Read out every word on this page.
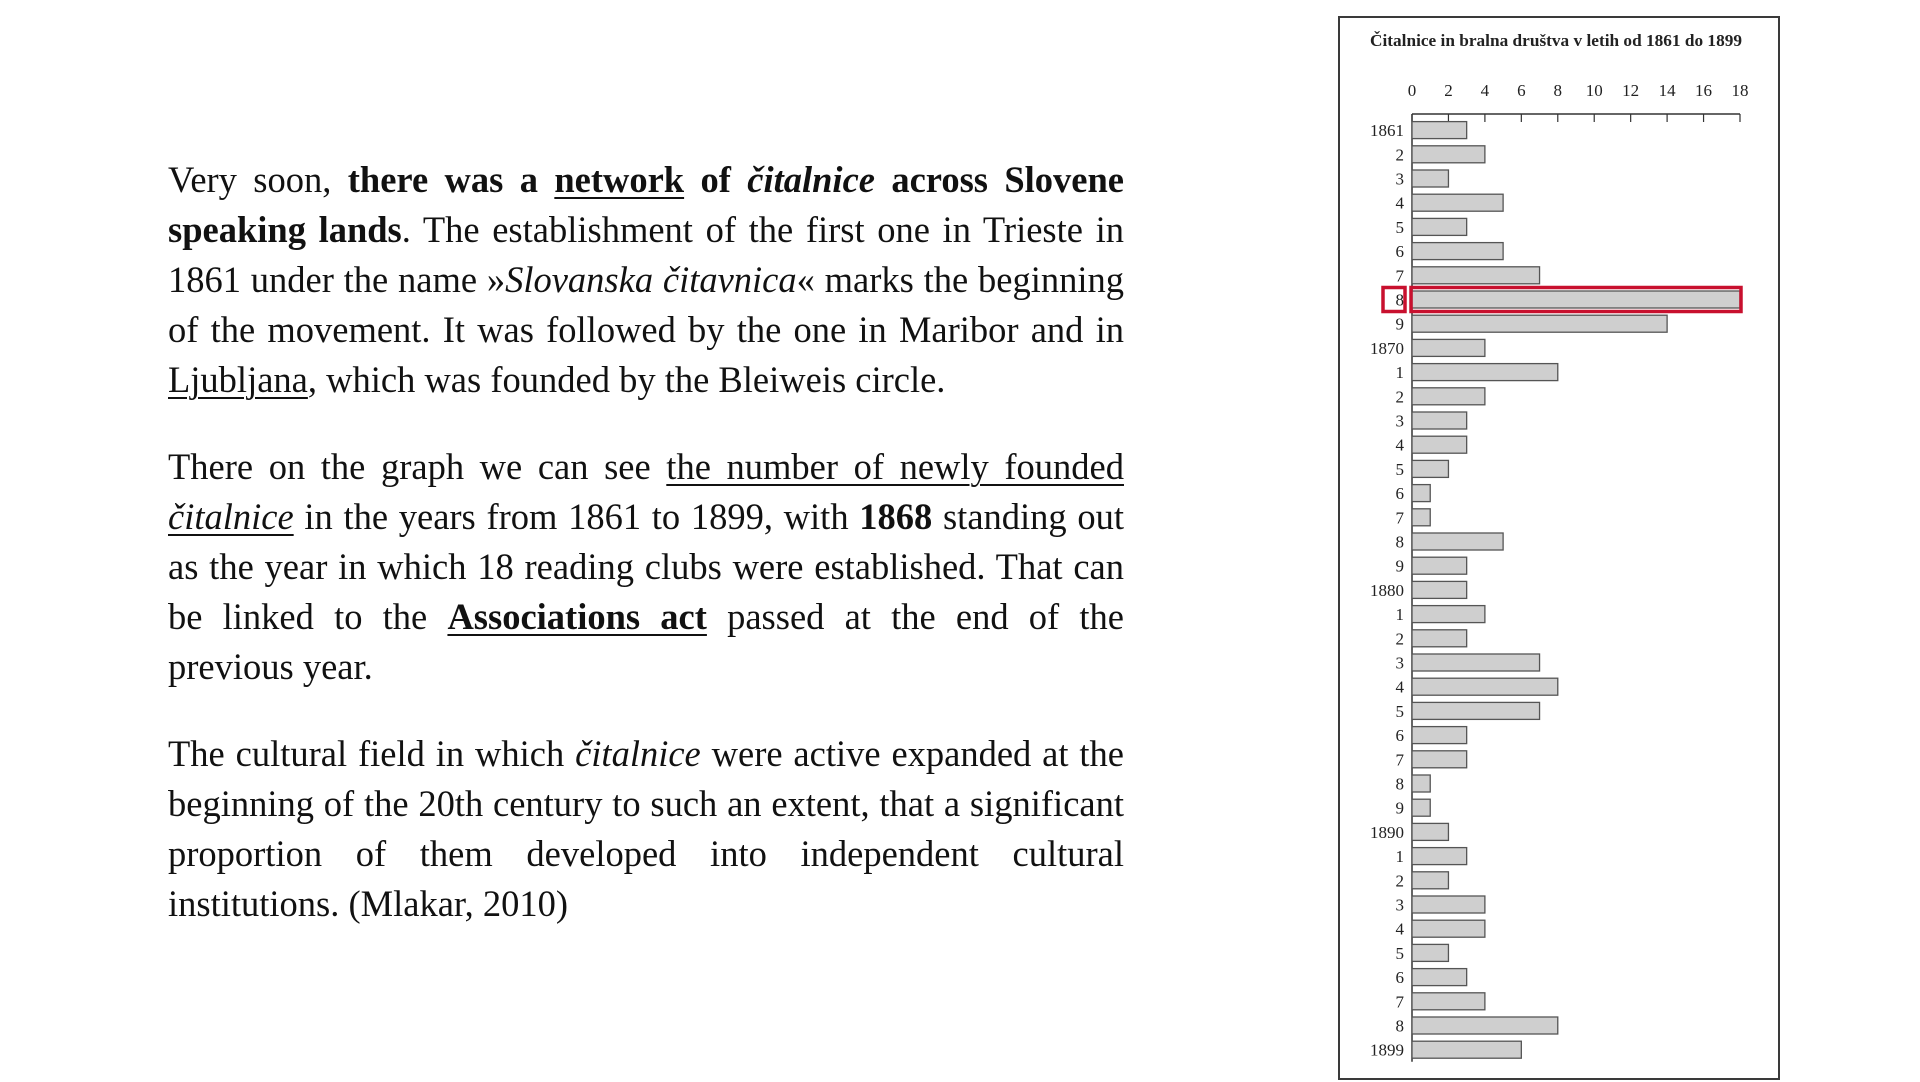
Very soon, there was a network of čitalnice across Slovene speaking lands. The establishment of the first one in Trieste in 1861 under the name »Slovanska čitavnica« marks the beginning of the movement. It was followed by the one in Maribor and in Ljubljana, which was founded by the Bleiweis circle.

There on the graph we can see the number of newly founded čitalnice in the years from 1861 to 1899, with 1868 standing out as the year in which 18 reading clubs were established. That can be linked to the Associations act passed at the end of the previous year.

The cultural field in which čitalnice were active expanded at the beginning of the 20th century to such an extent, that a significant proportion of them developed into independent cultural institutions. (Mlakar, 2010)

Čitalnice in bralna društva v letih od 1861 do 1899
0 2 4 6 8 10 12 14 16 18
1861
2
3
4
5
6
7
8
9
1870
1
2
3
4
5
6
7
8
9
1880
1
2
3
4
5
6
7
8
9
1890
1
2
3
4
5
6
7
8
1899
